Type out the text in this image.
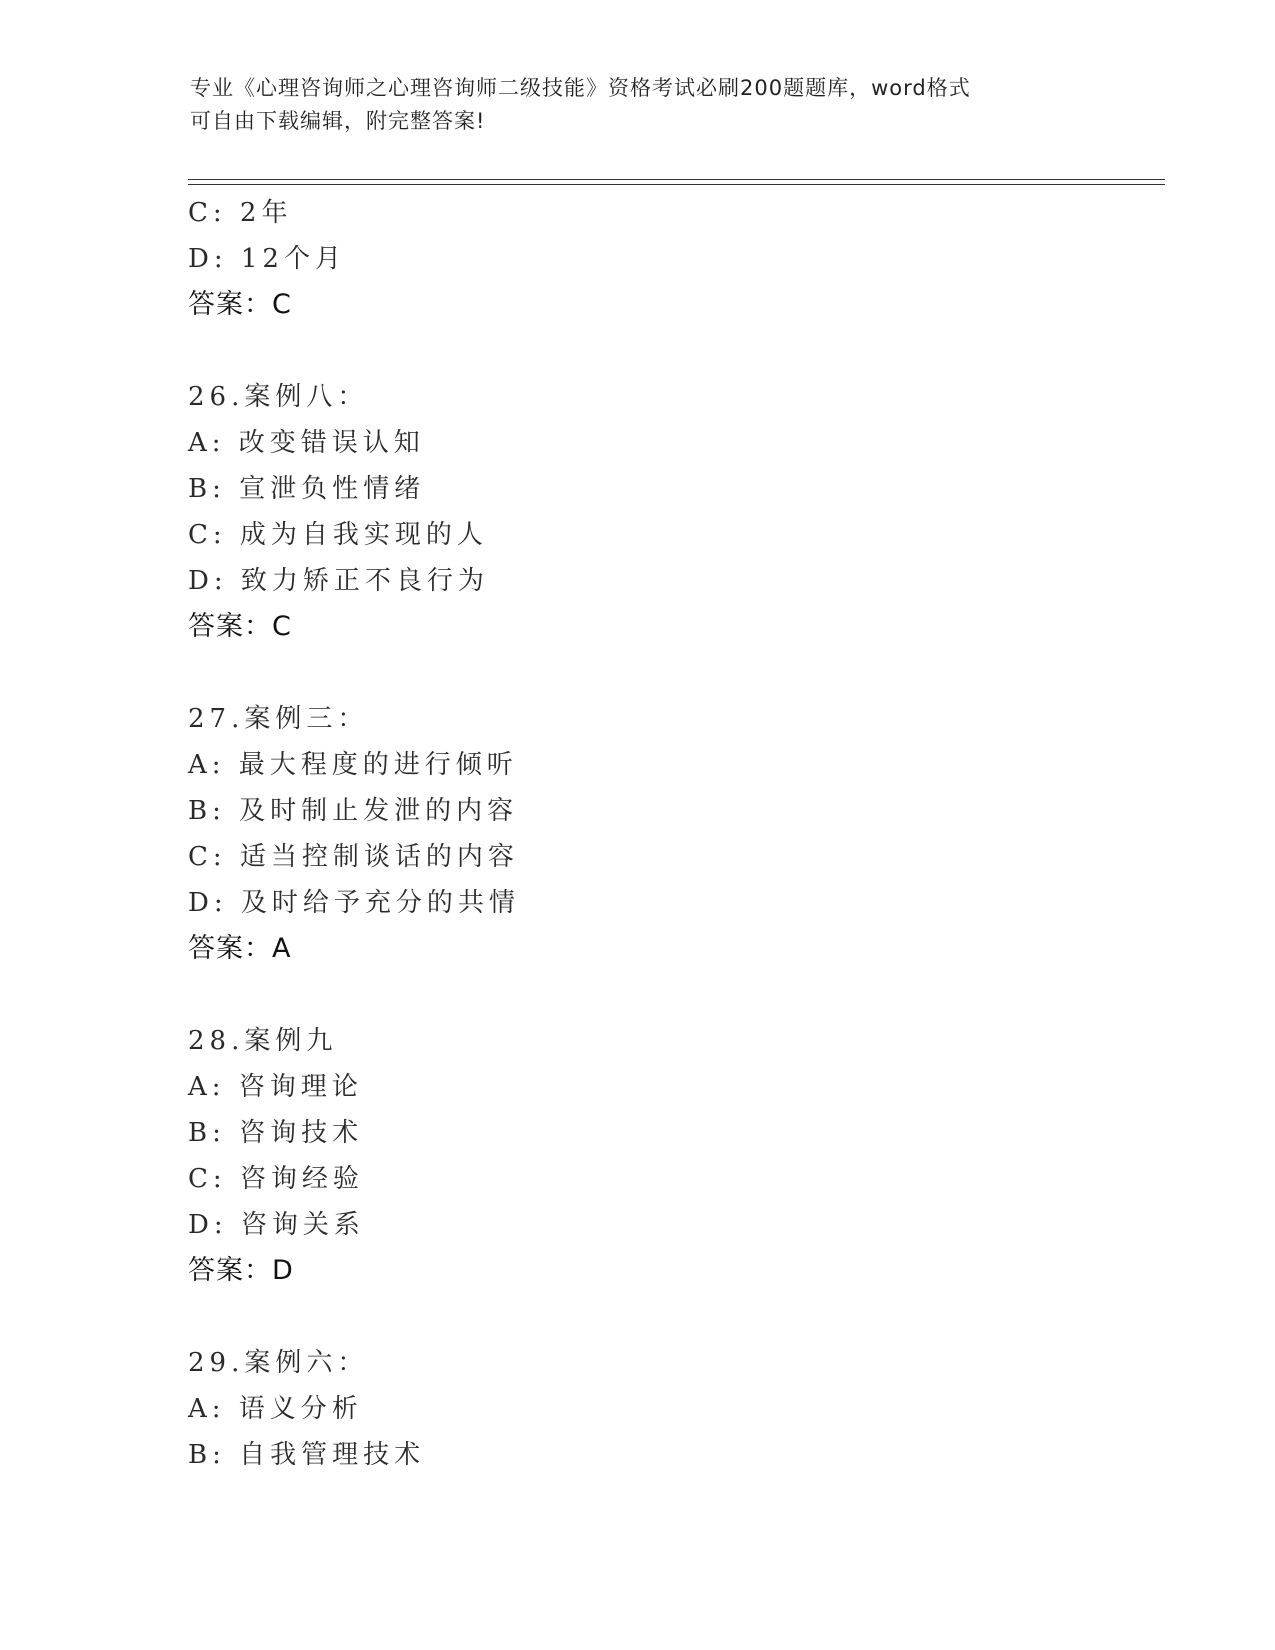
专业《心理咨询师之心理咨询师二级技能》资格考试必刷200题题库，word格式
可自由下载编辑，附完整答案!
C: 2年
D: 12个月
答案：C
26.案例八：
A: 改变错误认知
B: 宣泄负性情绪
C: 成为自我实现的人
D: 致力矫正不良行为
答案：C
27.案例三：
A: 最大程度的进行倾听
B: 及时制止发泄的内容
C: 适当控制谈话的内容
D: 及时给予充分的共情
答案：A
28.案例九
A: 咨询理论
B: 咨询技术
C: 咨询经验
D: 咨询关系
答案：D
29.案例六：
A: 语义分析
B: 自我管理技术
